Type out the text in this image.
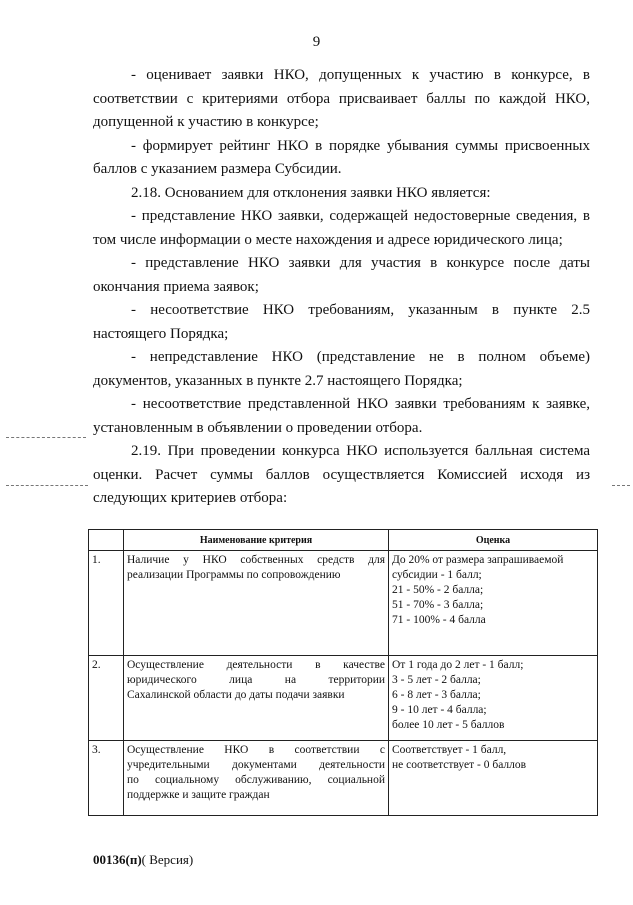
9
- оценивает заявки НКО, допущенных к участию в конкурсе, в
соответствии с критериями отбора присваивает баллы по каждой НКО,
допущенной к участию в конкурсе;
- формирует рейтинг НКО в порядке убывания суммы присвоенных
баллов с указанием размера Субсидии.
2.18. Основанием для отклонения заявки НКО является:
- представление НКО заявки, содержащей недостоверные сведения, в
том числе информации о месте нахождения и адресе юридического лица;
- представление НКО заявки для участия в конкурсе после даты
окончания приема заявок;
- несоответствие НКО требованиям, указанным в пункте 2.5
настоящего Порядка;
- непредставление НКО (представление не в полном объеме)
документов, указанных в пункте 2.7 настоящего Порядка;
- несоответствие представленной НКО заявки требованиям к заявке,
установленным в объявлении о проведении отбора.
2.19. При проведении конкурса НКО используется балльная система
оценки. Расчет суммы баллов осуществляется Комиссией исходя из
следующих критериев отбора:
	Наименование критерия	Оценка
1.	Наличие у НКО собственных средств для
реализации Программы по сопровождению	До 20% от размера запрашиваемой
субсидии - 1 балл;
21 - 50% - 2 балла;
51 - 70% - 3 балла;
71 - 100% - 4 балла

2.	Осуществление деятельности в качестве
юридического лица на территории
Сахалинской области до даты подачи заявки	От 1 года до 2 лет - 1 балл;
3 - 5 лет - 2 балла;
6 - 8 лет - 3 балла;
9 - 10 лет - 4 балла;
более 10 лет - 5 баллов

3.	Осуществление НКО в соответствии с
учредительными документами деятельности
по социальному обслуживанию, социальной
поддержке и защите граждан	Соответствует - 1 балл,
не соответствует - 0 баллов
00136(п)( Версия)
